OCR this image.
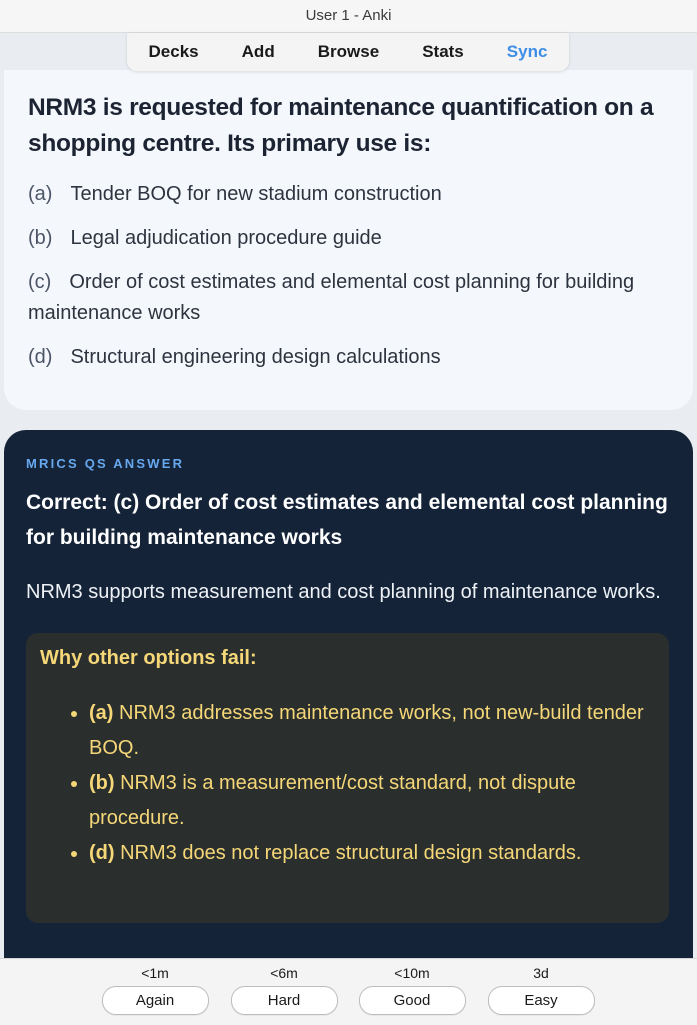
User 1 - Anki
Decks	Add	Browse	Stats	Sync
NRM3 is requested for maintenance quantification on a shopping centre. Its primary use is:
(a) Tender BOQ for new stadium construction
(b) Legal adjudication procedure guide
(c) Order of cost estimates and elemental cost planning for building maintenance works
(d) Structural engineering design calculations
MRICS QS ANSWER
Correct: (c) Order of cost estimates and elemental cost planning for building maintenance works
NRM3 supports measurement and cost planning of maintenance works.
Why other options fail:
• (a) NRM3 addresses maintenance works, not new-build tender BOQ.
• (b) NRM3 is a measurement/cost standard, not dispute procedure.
• (d) NRM3 does not replace structural design standards.
<1m
Again
<6m
Hard
<10m
Good
3d
Easy
